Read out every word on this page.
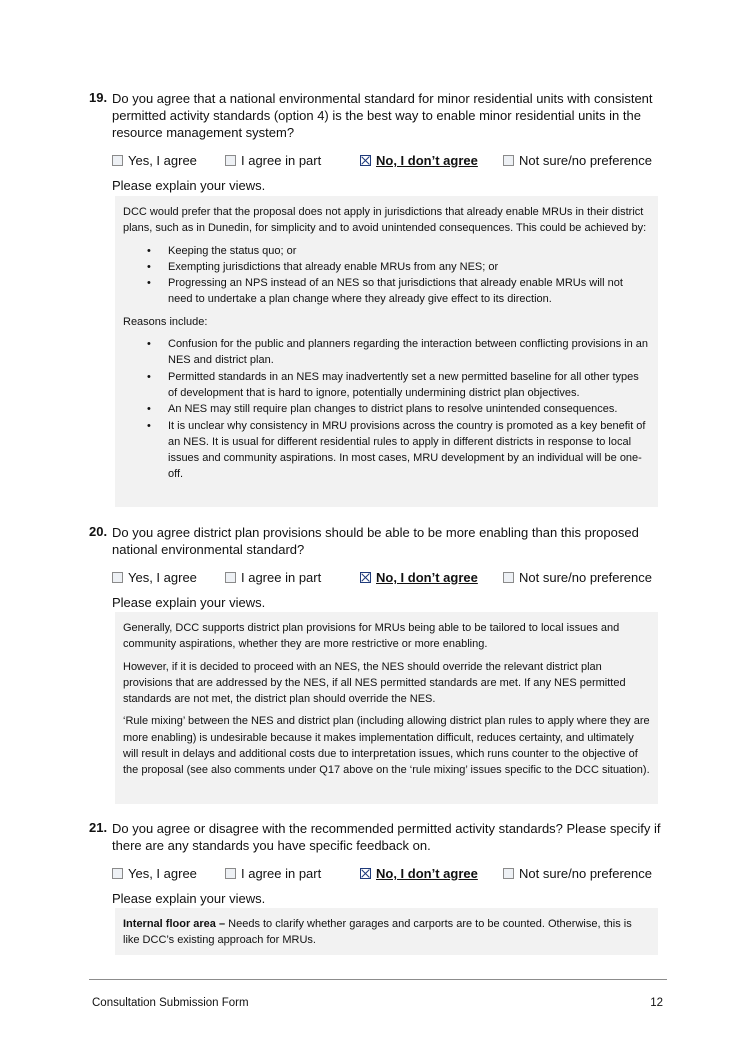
19. Do you agree that a national environmental standard for minor residential units with consistent permitted activity standards (option 4) is the best way to enable minor residential units in the resource management system?
Yes, I agree	I agree in part	No, I don’t agree	Not sure/no preference
Please explain your views.

DCC would prefer that the proposal does not apply in jurisdictions that already enable MRUs in their district plans, such as in Dunedin, for simplicity and to avoid unintended consequences. This could be achieved by:

• Keeping the status quo; or
• Exempting jurisdictions that already enable MRUs from any NES; or
• Progressing an NPS instead of an NES so that jurisdictions that already enable MRUs will not need to undertake a plan change where they already give effect to its direction.

Reasons include:

• Confusion for the public and planners regarding the interaction between conflicting provisions in an NES and district plan.
• Permitted standards in an NES may inadvertently set a new permitted baseline for all other types of development that is hard to ignore, potentially undermining district plan objectives.
• An NES may still require plan changes to district plans to resolve unintended consequences.
• It is unclear why consistency in MRU provisions across the country is promoted as a key benefit of an NES. It is usual for different residential rules to apply in different districts in response to local issues and community aspirations. In most cases, MRU development by an individual will be one-off.
20. Do you agree district plan provisions should be able to be more enabling than this proposed national environmental standard?
Yes, I agree	I agree in part	No, I don’t agree	Not sure/no preference
Please explain your views.

Generally, DCC supports district plan provisions for MRUs being able to be tailored to local issues and community aspirations, whether they are more restrictive or more enabling.

However, if it is decided to proceed with an NES, the NES should override the relevant district plan provisions that are addressed by the NES, if all NES permitted standards are met. If any NES permitted standards are not met, the district plan should override the NES.

‘Rule mixing’ between the NES and district plan (including allowing district plan rules to apply where they are more enabling) is undesirable because it makes implementation difficult, reduces certainty, and ultimately will result in delays and additional costs due to interpretation issues, which runs counter to the objective of the proposal (see also comments under Q17 above on the ‘rule mixing’ issues specific to the DCC situation).

21. Do you agree or disagree with the recommended permitted activity standards? Please specify if there are any standards you have specific feedback on.
Yes, I agree	I agree in part	No, I don’t agree	Not sure/no preference
Please explain your views.

Internal floor area – Needs to clarify whether garages and carports are to be counted. Otherwise, this is like DCC’s existing approach for MRUs.

Consultation Submission Form	12
